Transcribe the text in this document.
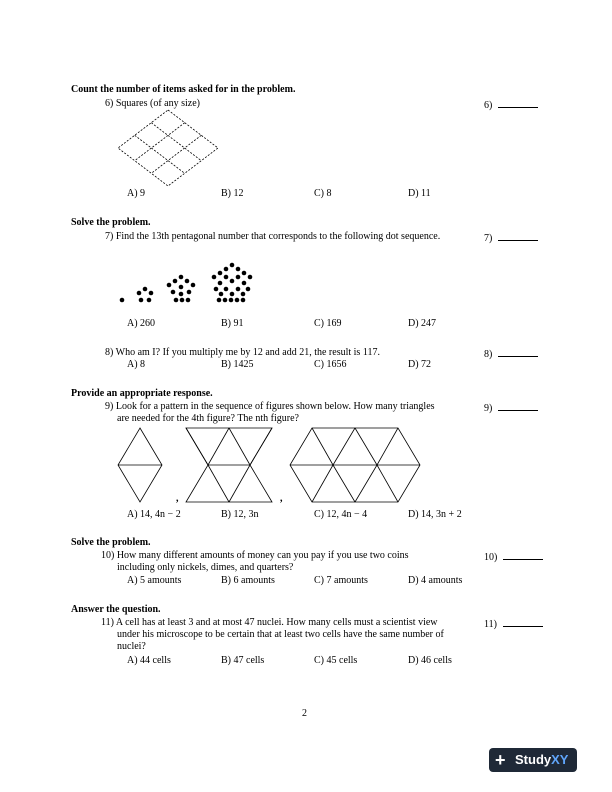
Count the number of items asked for in the problem.
6) Squares (of any size)	6)
A) 9	B) 12	C) 8	D) 11
Solve the problem.
7) Find the 13th pentagonal number that corresponds to the following dot sequence.	7)
A) 260	B) 91	C) 169	D) 247
8) Who am I? If you multiply me by 12 and add 21, the result is 117.	8)
A) 8	B) 1425	C) 1656	D) 72
Provide an appropriate response.
9) Look for a pattern in the sequence of figures shown below. How many triangles
are needed for the 4th figure? The nth figure?
9)
,	,
A) 14, 4n − 2	B) 12, 3n	C) 12, 4n − 4	D) 14, 3n + 2
Solve the problem.
10) How many different amounts of money can you pay if you use two coins
including only nickels, dimes, and quarters?
10)
A) 5 amounts	B) 6 amounts	C) 7 amounts	D) 4 amounts
Answer the question.
11) A cell has at least 3 and at most 47 nuclei. How many cells must a scientist view
under his microscope to be certain that at least two cells have the same number of
nuclei?
11)
A) 44 cells	B) 47 cells	C) 45 cells	D) 46 cells
2
+ StudyXY
